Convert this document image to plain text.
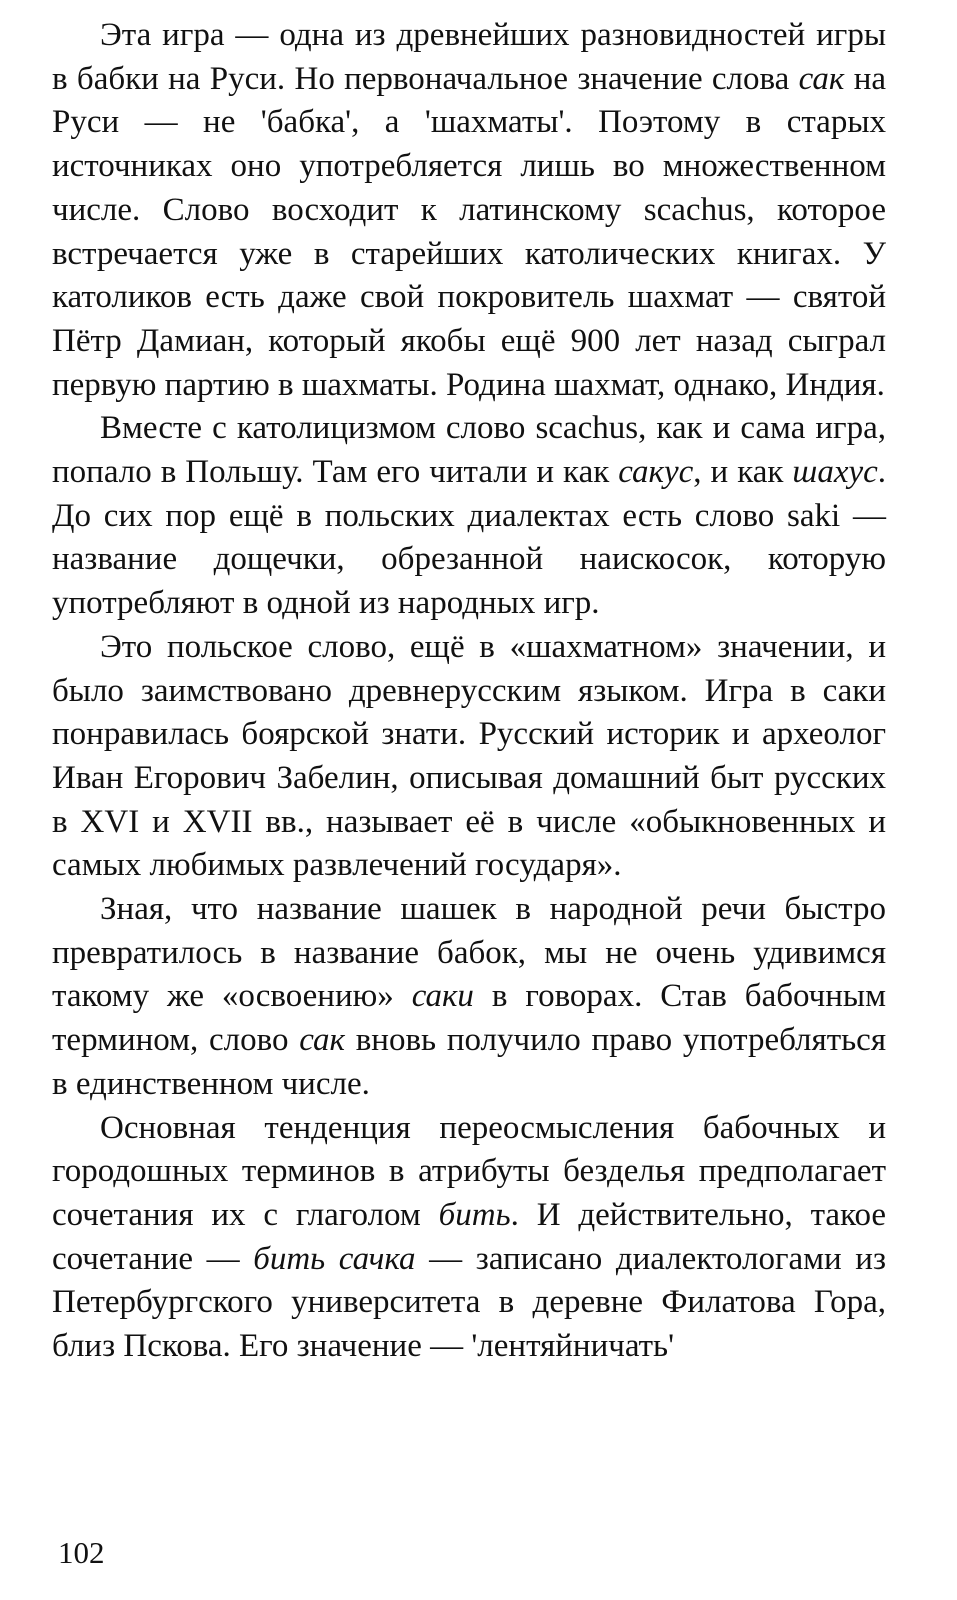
Эта игра — одна из древнейших разновидностей игры в бабки на Руси. Но первоначальное значение слова сак на Руси — не 'бабка', а 'шахматы'. Поэтому в старых источниках оно употребляется лишь во множественном числе. Слово восходит к латинскому scachus, которое встречается уже в старейших католических книгах. У католиков есть даже свой покровитель шахмат — святой Пётр Дамиан, который якобы ещё 900 лет назад сыграл первую партию в шахматы. Родина шахмат, однако, Индия.

Вместе с католицизмом слово scachus, как и сама игра, попало в Польшу. Там его читали и как сакус, и как шахус. До сих пор ещё в польских диалектах есть слово saki — название дощечки, обрезанной наискосок, которую употребляют в одной из народных игр.

Это польское слово, ещё в «шахматном» значении, и было заимствовано древнерусским языком. Игра в саки понравилась боярской знати. Русский историк и археолог Иван Егорович Забелин, описывая домашний быт русских в XVI и XVII вв., называет её в числе «обыкновенных и самых любимых развлечений государя».

Зная, что название шашек в народной речи быстро превратилось в название бабок, мы не очень удивимся такому же «освоению» саки в говорах. Став бабочным термином, слово сак вновь получило право употребляться в единственном числе.

Основная тенденция переосмысления бабочных и городошных терминов в атрибуты безделья предполагает сочетания их с глаголом бить. И действительно, такое сочетание — бить сачка — записано диалектологами из Петербургского университета в деревне Филатова Гора, близ Пскова. Его значение — 'лентяйничать'

102
